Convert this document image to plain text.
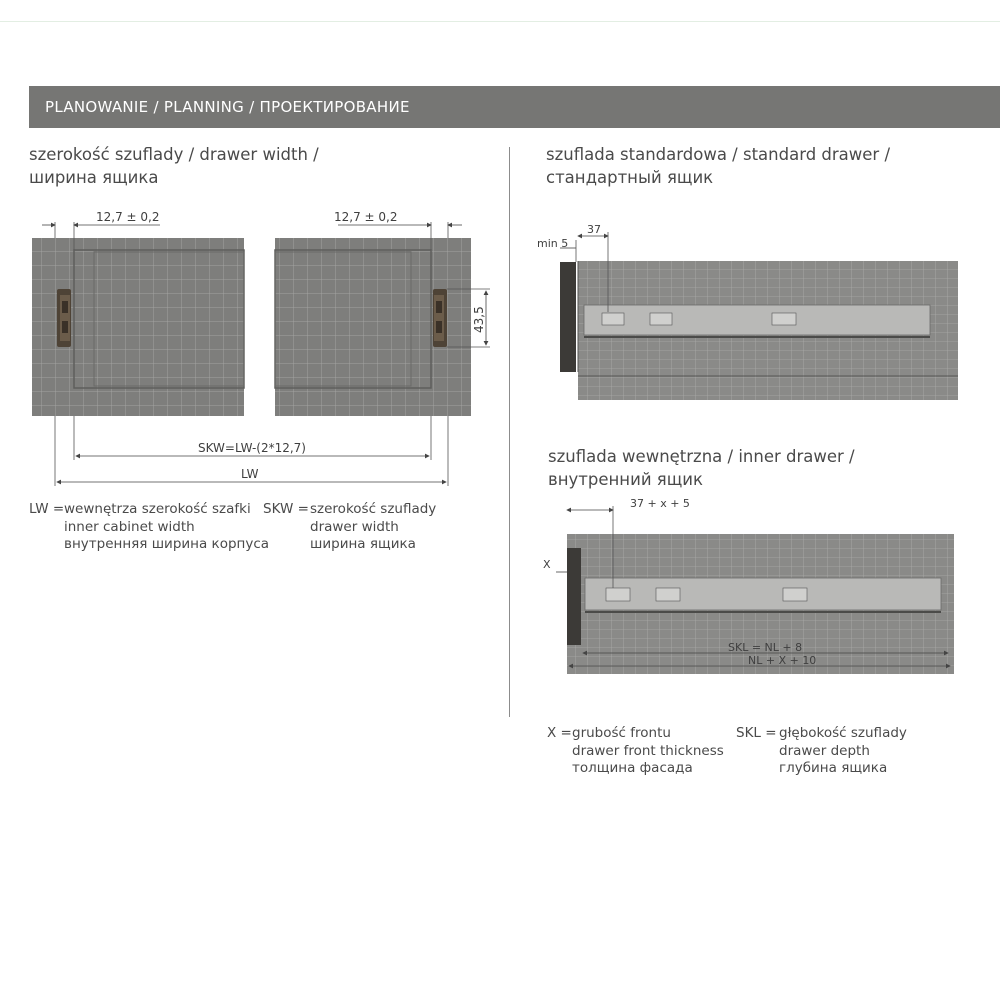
PLANOWANIE / PLANNING / ПРОЕКТИРОВАНИЕ
szerokość szuflady / drawer width /
ширина ящика
szuflada standardowa / standard drawer /
стандартный ящик
szuflada wewnętrzna / inner drawer /
внутренний ящик
12,7 ± 0,2	12,7 ± 0,2
43,5
SKW=LW-(2*12,7)
LW
min 5
37
37 + x + 5
X
SKL = NL + 8
NL + X + 10
LW = wewnętrza szerokość szafki
inner cabinet width
внутренняя ширина корпуса
SKW = szerokość szuflady
drawer width
ширина ящика
X = grubość frontu
drawer front thickness
толщина фасада
SKL = głębokość szuflady
drawer depth
глубина ящика
